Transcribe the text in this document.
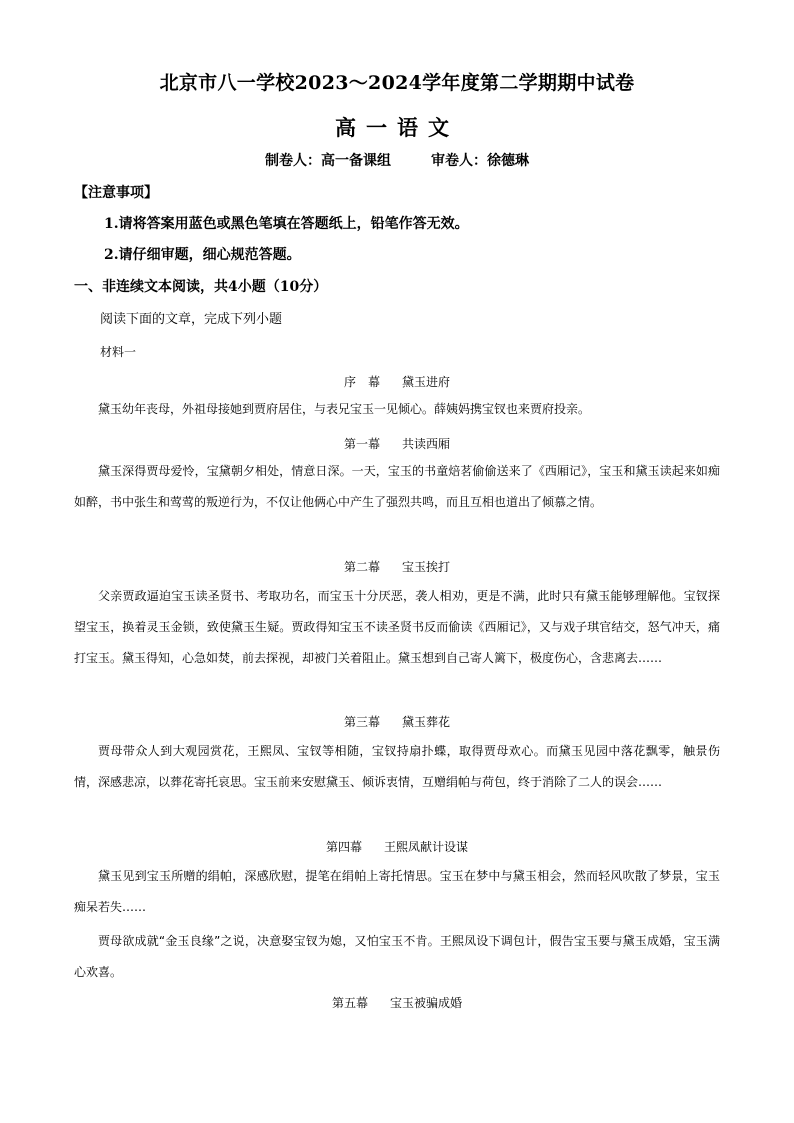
北京市八一学校2023～2024学年度第二学期期中试卷
高一语文
制卷人：高一备课组	审卷人：徐德琳
【注意事项】
1.请将答案用蓝色或黑色笔填在答题纸上，铅笔作答无效。
2.请仔细审题，细心规范答题。
一、非连续文本阅读，共4小题（10分）
阅读下面的文章，完成下列小题
材料一
序　幕 黛玉进府
黛玉幼年丧母，外祖母接她到贾府居住，与表兄宝玉一见倾心。薛姨妈携宝钗也来贾府投亲。
第一幕 共读西厢
黛玉深得贾母爱怜，宝黛朝夕相处，情意日深。一天，宝玉的书童焙茗偷偷送来了《西厢记》，宝玉和黛玉读起来如痴如醉，书中张生和莺莺的叛逆行为，不仅让他俩心中产生了强烈共鸣，而且互相也道出了倾慕之情。
第二幕 宝玉挨打
父亲贾政逼迫宝玉读圣贤书、考取功名，而宝玉十分厌恶，袭人相劝，更是不满，此时只有黛玉能够理解他。宝钗探望宝玉，换着灵玉金锁，致使黛玉生疑。贾政得知宝玉不读圣贤书反而偷读《西厢记》，又与戏子琪官结交，怒气冲天，痛打宝玉。黛玉得知，心急如焚，前去探视，却被门关着阻止。黛玉想到自己寄人篱下，极度伤心，含悲离去……
第三幕 黛玉葬花
贾母带众人到大观园赏花，王熙凤、宝钗等相随，宝钗持扇扑蝶，取得贾母欢心。而黛玉见园中落花飘零，触景伤情，深感悲凉，以葬花寄托哀思。宝玉前来安慰黛玉、倾诉衷情，互赠绢帕与荷包，终于消除了二人的误会……
第四幕 王熙凤献计设谋
黛玉见到宝玉所赠的绢帕，深感欣慰，提笔在绢帕上寄托情思。宝玉在梦中与黛玉相会，然而轻风吹散了梦景，宝玉痴呆若失……
贾母欲成就“金玉良缘”之说，决意娶宝钗为媳，又怕宝玉不肯。王熙凤设下调包计，假告宝玉要与黛玉成婚，宝玉满心欢喜。
第五幕 宝玉被骗成婚
